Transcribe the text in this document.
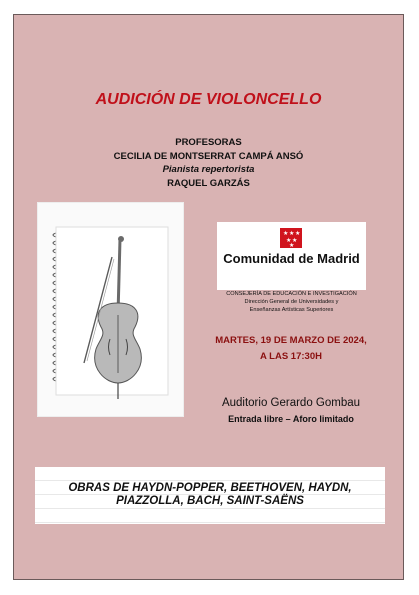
AUDICIÓN DE VIOLONCELLO
PROFESORAS
CECILIA DE MONTSERRAT CAMPÁ ANSÓ
Pianista repertorista
RAQUEL GARZÁS
★ ★ ★
★ ★
★
Comunidad de Madrid
CONSEJERÍA DE EDUCACIÓN E INVESTIGACIÓN
Dirección General de Universidades y
Enseñanzas Artísticas Superiores
MARTES, 19 DE MARZO DE 2024,
A LAS 17:30H
Auditorio Gerardo Gombau
Entrada libre – Aforo limitado
OBRAS DE HAYDN-POPPER, BEETHOVEN, HAYDN,
PIAZZOLLA, BACH, SAINT-SAËNS
